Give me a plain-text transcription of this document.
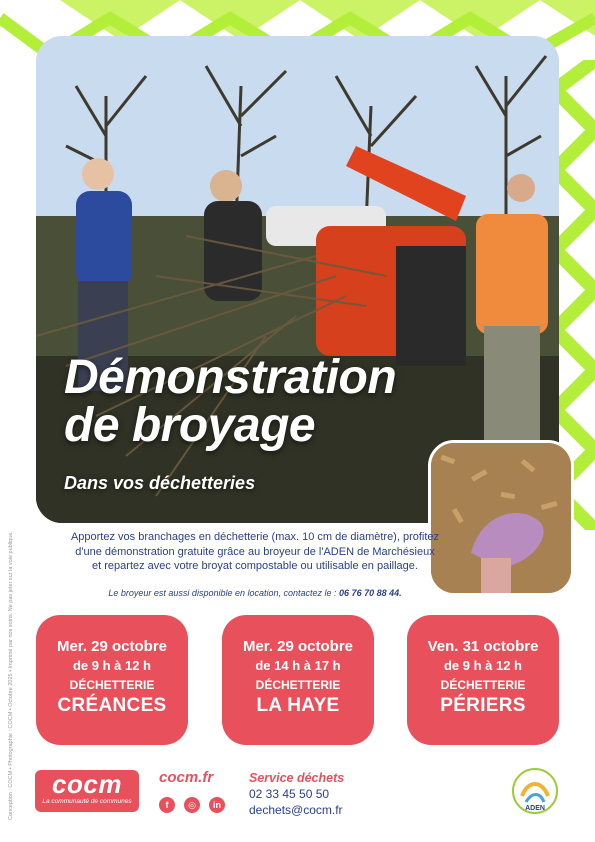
Démonstration
de broyage
Dans vos déchetteries
Apportez vos branchages en déchetterie (max. 10 cm de diamètre), profitez d'une démonstration gratuite grâce au broyeur de l'ADEN de Marchésieux et repartez avec votre broyat compostable ou utilisable en paillage.
Le broyeur est aussi disponible en location, contactez le : 06 76 70 88 44.
Mer. 29 octobre
de 9 h à 12 h
DÉCHETTERIE
CRÉANCES
Mer. 29 octobre
de 14 h à 17 h
DÉCHETTERIE
LA HAYE
Ven. 31 octobre
de 9 h à 12 h
DÉCHETTERIE
PÉRIERS
Conception : COCM • Photographie : COCM • Octobre 2025 • Imprimé par nos soins. Ne pas jeter sur la voie publique.	cocm
La communauté de communes
cocm.fr
f	◎	in
Service déchets
02 33 45 50 50
dechets@cocm.fr	ADEN
